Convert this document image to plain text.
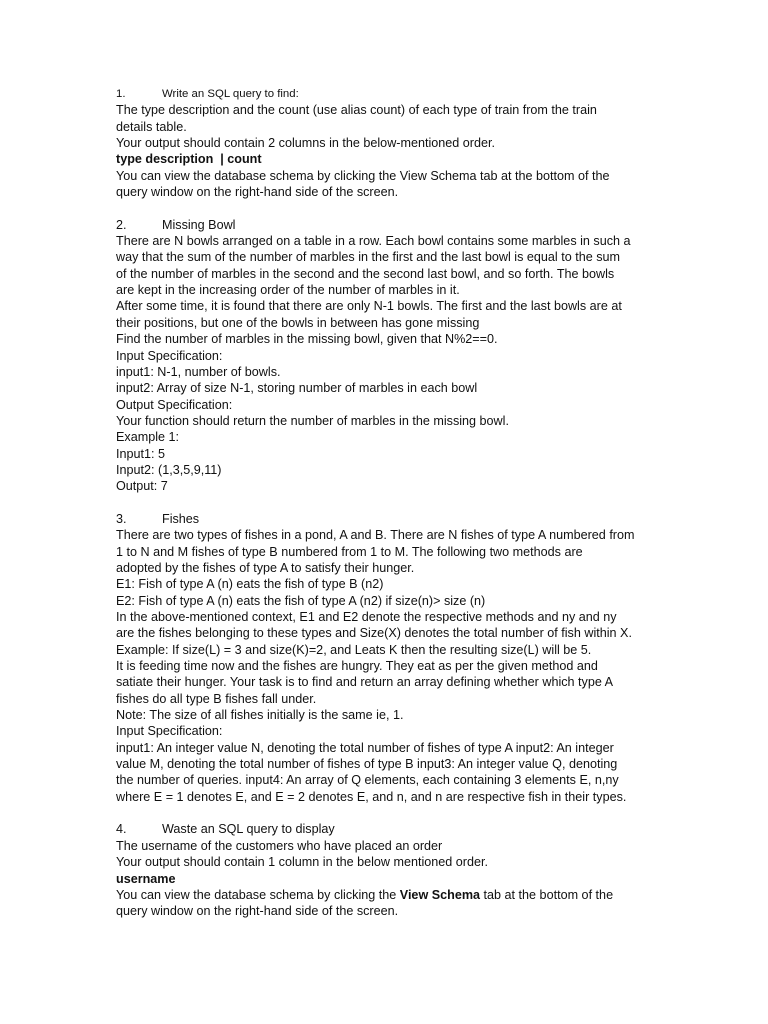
1.	Write an SQL query to find:
The type description and the count (use alias count) of each type of train from the train
details table.
Your output should contain 2 columns in the below-mentioned order.
type description  | count
You can view the database schema by clicking the View Schema tab at the bottom of the
query window on the right-hand side of the screen.
2.	Missing Bowl
There are N bowls arranged on a table in a row. Each bowl contains some marbles in such a
way that the sum of the number of marbles in the first and the last bowl is equal to the sum
of the number of marbles in the second and the second last bowl, and so forth. The bowls
are kept in the increasing order of the number of marbles in it.
After some time, it is found that there are only N-1 bowls. The first and the last bowls are at
their positions, but one of the bowls in between has gone missing
Find the number of marbles in the missing bowl, given that N%2==0.
Input Specification:
input1: N-1, number of bowls.
input2: Array of size N-1, storing number of marbles in each bowl
Output Specification:
Your function should return the number of marbles in the missing bowl.
Example 1:
Input1: 5
Input2: (1,3,5,9,11)
Output: 7
3.	Fishes
There are two types of fishes in a pond, A and B. There are N fishes of type A numbered from
1 to N and M fishes of type B numbered from 1 to M. The following two methods are
adopted by the fishes of type A to satisfy their hunger.
E1: Fish of type A (n) eats the fish of type B (n2)
E2: Fish of type A (n) eats the fish of type A (n2) if size(n)> size (n)
In the above-mentioned context, E1 and E2 denote the respective methods and ny and ny
are the fishes belonging to these types and Size(X) denotes the total number of fish within X.
Example: If size(L) = 3 and size(K)=2, and Leats K then the resulting size(L) will be 5.
It is feeding time now and the fishes are hungry. They eat as per the given method and
satiate their hunger. Your task is to find and return an array defining whether which type A
fishes do all type B fishes fall under.
Note: The size of all fishes initially is the same ie, 1.
Input Specification:
input1: An integer value N, denoting the total number of fishes of type A input2: An integer
value M, denoting the total number of fishes of type B input3: An integer value Q, denoting
the number of queries. input4: An array of Q elements, each containing 3 elements E, n,ny
where E = 1 denotes E, and E = 2 denotes E, and n, and n are respective fish in their types.
4.	Waste an SQL query to display
The username of the customers who have placed an order
Your output should contain 1 column in the below mentioned order.
username
You can view the database schema by clicking the View Schema tab at the bottom of the
query window on the right-hand side of the screen.
